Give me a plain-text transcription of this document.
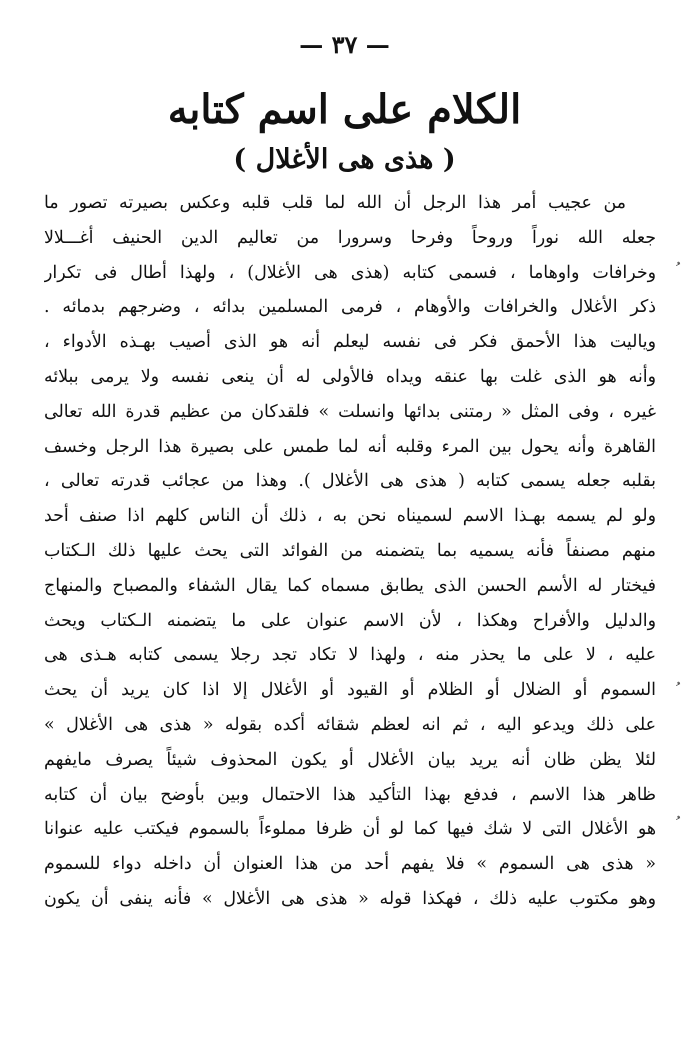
— ٣٧ —
الكلام على اسم كتابه
( هذى هى الأغلال )
من عجيب أمر هذا الرجل أن الله لما قلب قلبه وعكس بصيرته تصور ما
جعله الله نوراً وروحاً وفرحا وسرورا من تعاليم الدين الحنيف أغـــلالا
وخرافات واوهاما ، فسمى كتابه (هذى هى الأغلال) ، ولهذا أطال فى تكرار
ذكر الأغلال والخرافات والأوهام ، فرمى المسلمين بدائه ، وضرجهم بدمائه .
وياليت هذا الأحمق فكر فى نفسه ليعلم أنه هو الذى أصيب بهـذه الأدواء ،
وأنه هو الذى غلت بها عنقه ويداه فالأولى له أن ينعى نفسه ولا يرمى ببلائه
غيره ، وفى المثل « رمتنى بدائها وانسلت » فلقدكان من عظيم قدرة الله تعالى
القاهرة وأنه يحول بين المرء وقلبه أنه لما طمس على بصيرة هذا الرجل وخسف
بقلبه جعله يسمى كتابه ( هذى هى الأغلال ). وهذا من عجائب قدرته تعالى ،
ولو لم يسمه بهـذا الاسم لسميناه نحن به ، ذلك أن الناس كلهم اذا صنف أحد
منهم مصنفاً فأنه يسميه بما يتضمنه من الفوائد التى يحث عليها ذلك الـكتاب
فيختار له الأسم الحسن الذى يطابق مسماه كما يقال الشفاء والمصباح والمنهاج
والدليل والأفراح وهكذا ، لأن الاسم عنوان على ما يتضمنه الـكتاب ويحث
عليه ، لا على ما يحذر منه ، ولهذا لا تكاد تجد رجلا يسمى كتابه هـذى هى
السموم أو الضلال أو الظلام أو القيود أو الأغلال إلا اذا كان يريد أن يحث
على ذلك ويدعو اليه ، ثم انه لعظم شقائه أكده بقوله « هذى هى الأغلال »
لئلا يظن ظان أنه يريد بيان الأغلال أو يكون المحذوف شيئاً يصرف مايفهم
ظاهر هذا الاسم ، فدفع بهذا التأكيد هذا الاحتمال وبين بأوضح بيان أن كتابه
هو الأغلال التى لا شك فيها كما لو أن ظرفا مملوءاً بالسموم فيكتب عليه عنوانا
« هذى هى السموم » فلا يفهم أحد من هذا العنوان أن داخله دواء للسموم
وهو مكتوب عليه ذلك ، فهكذا قوله « هذى هى الأغلال » فأنه ينفى أن يكون
ﹸ
ﹸ
ﹸ
